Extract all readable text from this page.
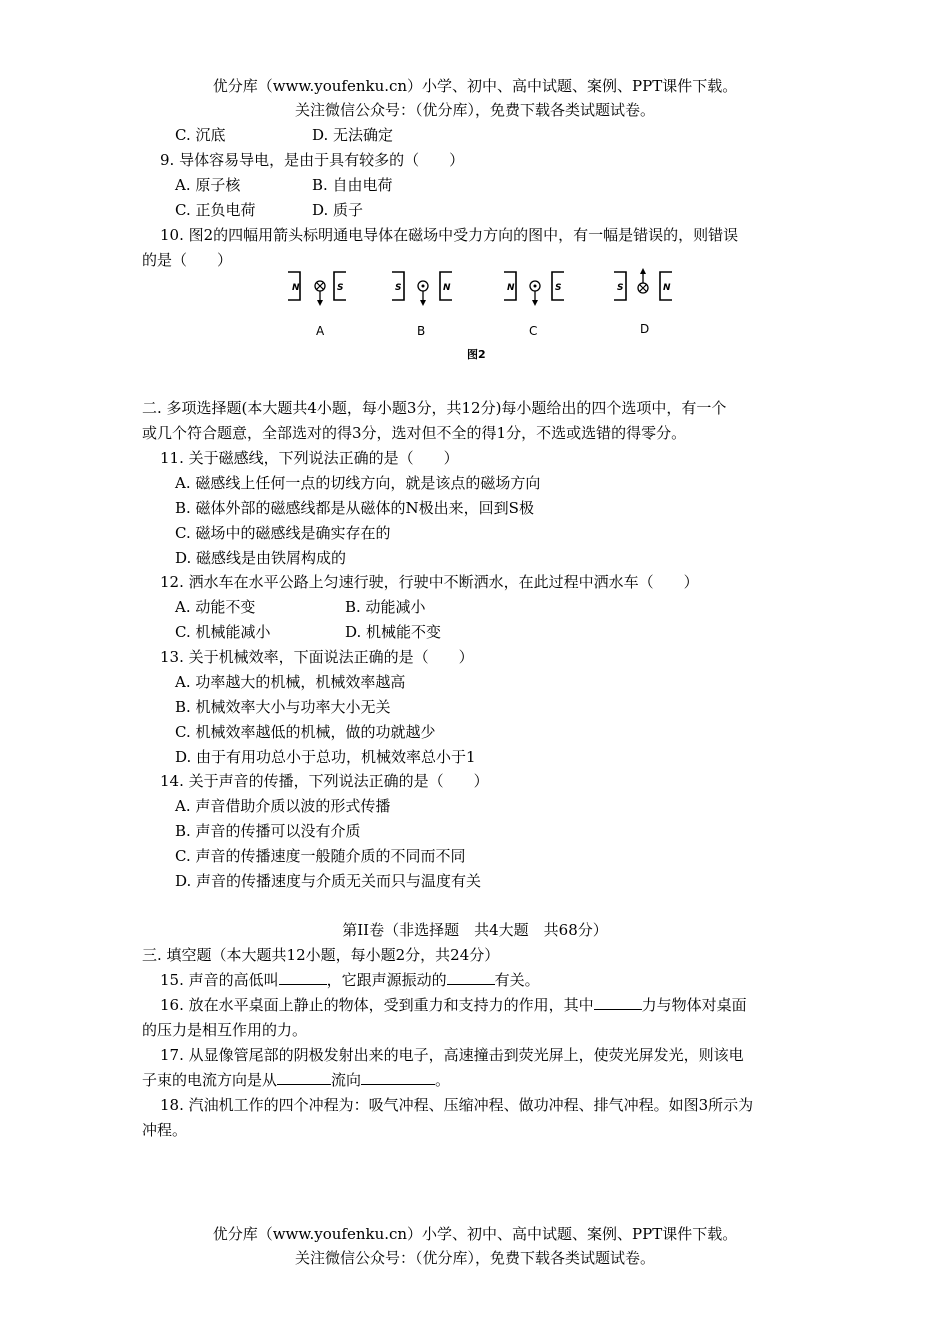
优分库（www.youfenku.cn）小学、初中、高中试题、案例、PPT课件下载。
关注微信公众号：（优分库），免费下载各类试题试卷。
C. 沉底	D. 无法确定
9. 导体容易导电，是由于具有较多的（　　）
A. 原子核	B. 自由电荷
C. 正负电荷	D. 质子
10. 图2的四幅用箭头标明通电导体在磁场中受力方向的图中，有一幅是错误的，则错误
的是（　　）
N	S
A
S	N
B
N	S
C
S	N
D
图2
二. 多项选择题(本大题共4小题，每小题3分，共12分)每小题给出的四个选项中，有一个
或几个符合题意，全部选对的得3分，选对但不全的得1分，不选或选错的得零分。
11. 关于磁感线，下列说法正确的是（　　）
A. 磁感线上任何一点的切线方向，就是该点的磁场方向
B. 磁体外部的磁感线都是从磁体的N极出来，回到S极
C. 磁场中的磁感线是确实存在的
D. 磁感线是由铁屑构成的
12. 洒水车在水平公路上匀速行驶，行驶中不断洒水，在此过程中洒水车（　　）
A. 动能不变	B. 动能减小
C. 机械能减小	D. 机械能不变
13. 关于机械效率，下面说法正确的是（　　）
A. 功率越大的机械，机械效率越高
B. 机械效率大小与功率大小无关
C. 机械效率越低的机械，做的功就越少
D. 由于有用功总小于总功，机械效率总小于1
14. 关于声音的传播，下列说法正确的是（　　）
A. 声音借助介质以波的形式传播
B. 声音的传播可以没有介质
C. 声音的传播速度一般随介质的不同而不同
D. 声音的传播速度与介质无关而只与温度有关
第II卷（非选择题　共4大题　共68分）
三. 填空题（本大题共12小题，每小题2分，共24分）
15. 声音的高低叫	，它跟声源振动的	有关。
16. 放在水平桌面上静止的物体，受到重力和支持力的作用，其中	力与物体对桌面
的压力是相互作用的力。
17. 从显像管尾部的阴极发射出来的电子，高速撞击到荧光屏上，使荧光屏发光，则该电
子束的电流方向是从	流向	。
18. 汽油机工作的四个冲程为：吸气冲程、压缩冲程、做功冲程、排气冲程。如图3所示为
冲程。
优分库（www.youfenku.cn）小学、初中、高中试题、案例、PPT课件下载。
关注微信公众号：（优分库），免费下载各类试题试卷。
